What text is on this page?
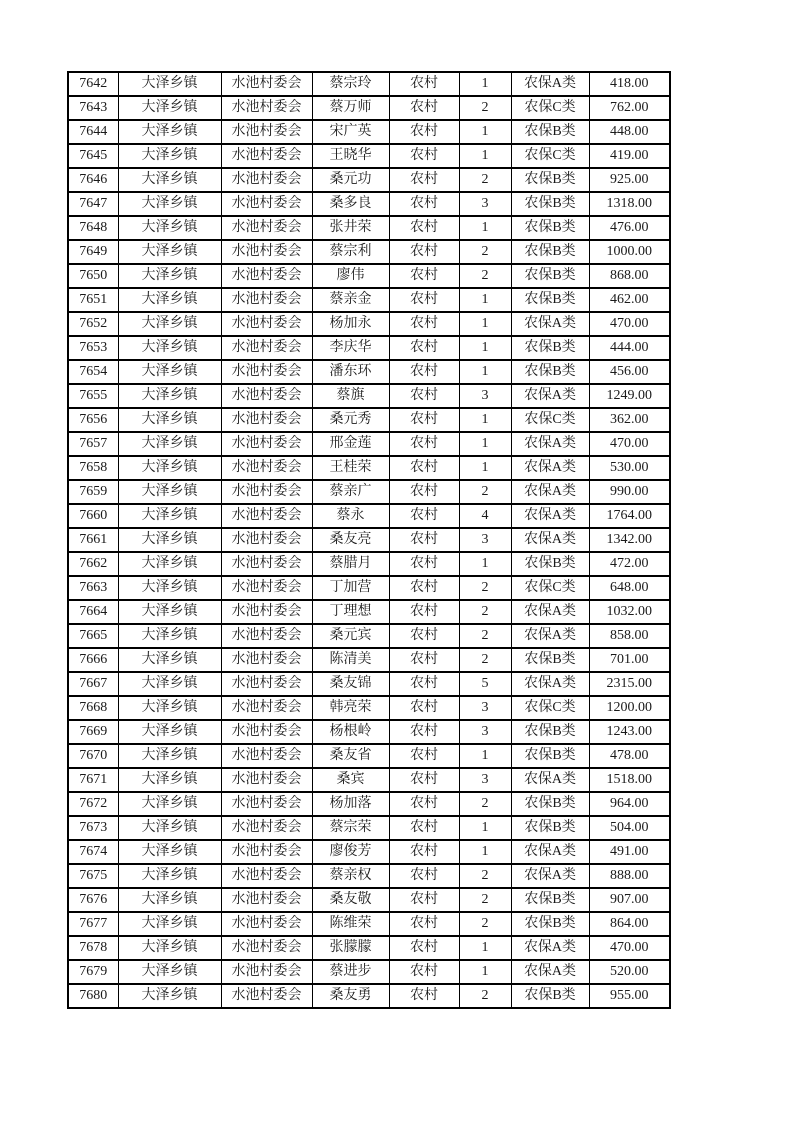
7642	大泽乡镇	水池村委会	蔡宗玲	农村	1	农保A类	418.00
7643	大泽乡镇	水池村委会	蔡万师	农村	2	农保C类	762.00
7644	大泽乡镇	水池村委会	宋广英	农村	1	农保B类	448.00
7645	大泽乡镇	水池村委会	王晓华	农村	1	农保C类	419.00
7646	大泽乡镇	水池村委会	桑元功	农村	2	农保B类	925.00
7647	大泽乡镇	水池村委会	桑多良	农村	3	农保B类	1318.00
7648	大泽乡镇	水池村委会	张井荣	农村	1	农保B类	476.00
7649	大泽乡镇	水池村委会	蔡宗利	农村	2	农保B类	1000.00
7650	大泽乡镇	水池村委会	廖伟	农村	2	农保B类	868.00
7651	大泽乡镇	水池村委会	蔡亲金	农村	1	农保B类	462.00
7652	大泽乡镇	水池村委会	杨加永	农村	1	农保A类	470.00
7653	大泽乡镇	水池村委会	李庆华	农村	1	农保B类	444.00
7654	大泽乡镇	水池村委会	潘东环	农村	1	农保B类	456.00
7655	大泽乡镇	水池村委会	蔡旗	农村	3	农保A类	1249.00
7656	大泽乡镇	水池村委会	桑元秀	农村	1	农保C类	362.00
7657	大泽乡镇	水池村委会	邢金莲	农村	1	农保A类	470.00
7658	大泽乡镇	水池村委会	王桂荣	农村	1	农保A类	530.00
7659	大泽乡镇	水池村委会	蔡亲广	农村	2	农保A类	990.00
7660	大泽乡镇	水池村委会	蔡永	农村	4	农保A类	1764.00
7661	大泽乡镇	水池村委会	桑友亮	农村	3	农保A类	1342.00
7662	大泽乡镇	水池村委会	蔡腊月	农村	1	农保B类	472.00
7663	大泽乡镇	水池村委会	丁加营	农村	2	农保C类	648.00
7664	大泽乡镇	水池村委会	丁理想	农村	2	农保A类	1032.00
7665	大泽乡镇	水池村委会	桑元宾	农村	2	农保A类	858.00
7666	大泽乡镇	水池村委会	陈清美	农村	2	农保B类	701.00
7667	大泽乡镇	水池村委会	桑友锦	农村	5	农保A类	2315.00
7668	大泽乡镇	水池村委会	韩亮荣	农村	3	农保C类	1200.00
7669	大泽乡镇	水池村委会	杨根岭	农村	3	农保B类	1243.00
7670	大泽乡镇	水池村委会	桑友省	农村	1	农保B类	478.00
7671	大泽乡镇	水池村委会	桑宾	农村	3	农保A类	1518.00
7672	大泽乡镇	水池村委会	杨加落	农村	2	农保B类	964.00
7673	大泽乡镇	水池村委会	蔡宗荣	农村	1	农保B类	504.00
7674	大泽乡镇	水池村委会	廖俊芳	农村	1	农保A类	491.00
7675	大泽乡镇	水池村委会	蔡亲权	农村	2	农保A类	888.00
7676	大泽乡镇	水池村委会	桑友敬	农村	2	农保B类	907.00
7677	大泽乡镇	水池村委会	陈维荣	农村	2	农保B类	864.00
7678	大泽乡镇	水池村委会	张朦朦	农村	1	农保A类	470.00
7679	大泽乡镇	水池村委会	蔡进步	农村	1	农保A类	520.00
7680	大泽乡镇	水池村委会	桑友勇	农村	2	农保B类	955.00
